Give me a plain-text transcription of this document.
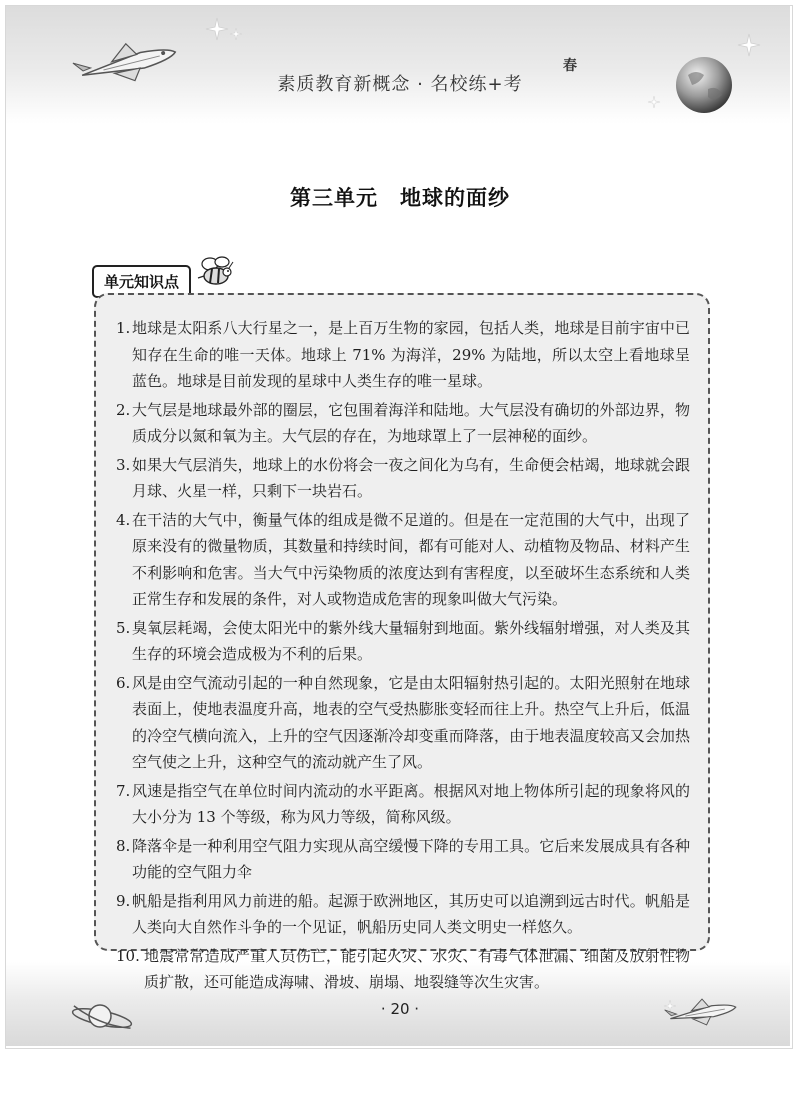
素质教育新概念 · 名校练+考
春
第三单元　地球的面纱
单元知识点
1. 地球是太阳系八大行星之一，是上百万生物的家园，包括人类，地球是目前宇宙中已知存在生命的唯一天体。地球上 71% 为海洋，29% 为陆地，所以太空上看地球呈蓝色。地球是目前发现的星球中人类生存的唯一星球。
2. 大气层是地球最外部的圈层，它包围着海洋和陆地。大气层没有确切的外部边界，物质成分以氮和氧为主。大气层的存在，为地球罩上了一层神秘的面纱。
3. 如果大气层消失，地球上的水份将会一夜之间化为乌有，生命便会枯竭，地球就会跟月球、火星一样，只剩下一块岩石。
4. 在干洁的大气中，衡量气体的组成是微不足道的。但是在一定范围的大气中，出现了原来没有的微量物质，其数量和持续时间，都有可能对人、动植物及物品、材料产生不利影响和危害。当大气中污染物质的浓度达到有害程度，以至破坏生态系统和人类正常生存和发展的条件，对人或物造成危害的现象叫做大气污染。
5. 臭氧层耗竭，会使太阳光中的紫外线大量辐射到地面。紫外线辐射增强，对人类及其生存的环境会造成极为不利的后果。
6. 风是由空气流动引起的一种自然现象，它是由太阳辐射热引起的。太阳光照射在地球表面上，使地表温度升高，地表的空气受热膨胀变轻而往上升。热空气上升后，低温的冷空气横向流入，上升的空气因逐渐冷却变重而降落，由于地表温度较高又会加热空气使之上升，这种空气的流动就产生了风。
7. 风速是指空气在单位时间内流动的水平距离。根据风对地上物体所引起的现象将风的大小分为 13 个等级，称为风力等级，简称风级。
8. 降落伞是一种利用空气阻力实现从高空缓慢下降的专用工具。它后来发展成具有各种功能的空气阻力伞
9. 帆船是指利用风力前进的船。起源于欧洲地区，其历史可以追溯到远古时代。帆船是人类向大自然作斗争的一个见证，帆船历史同人类文明史一样悠久。
10. 地震常常造成严重人员伤亡，能引起火灾、水灾、有毒气体泄漏、细菌及放射性物质扩散，还可能造成海啸、滑坡、崩塌、地裂缝等次生灾害。
· 20 ·
